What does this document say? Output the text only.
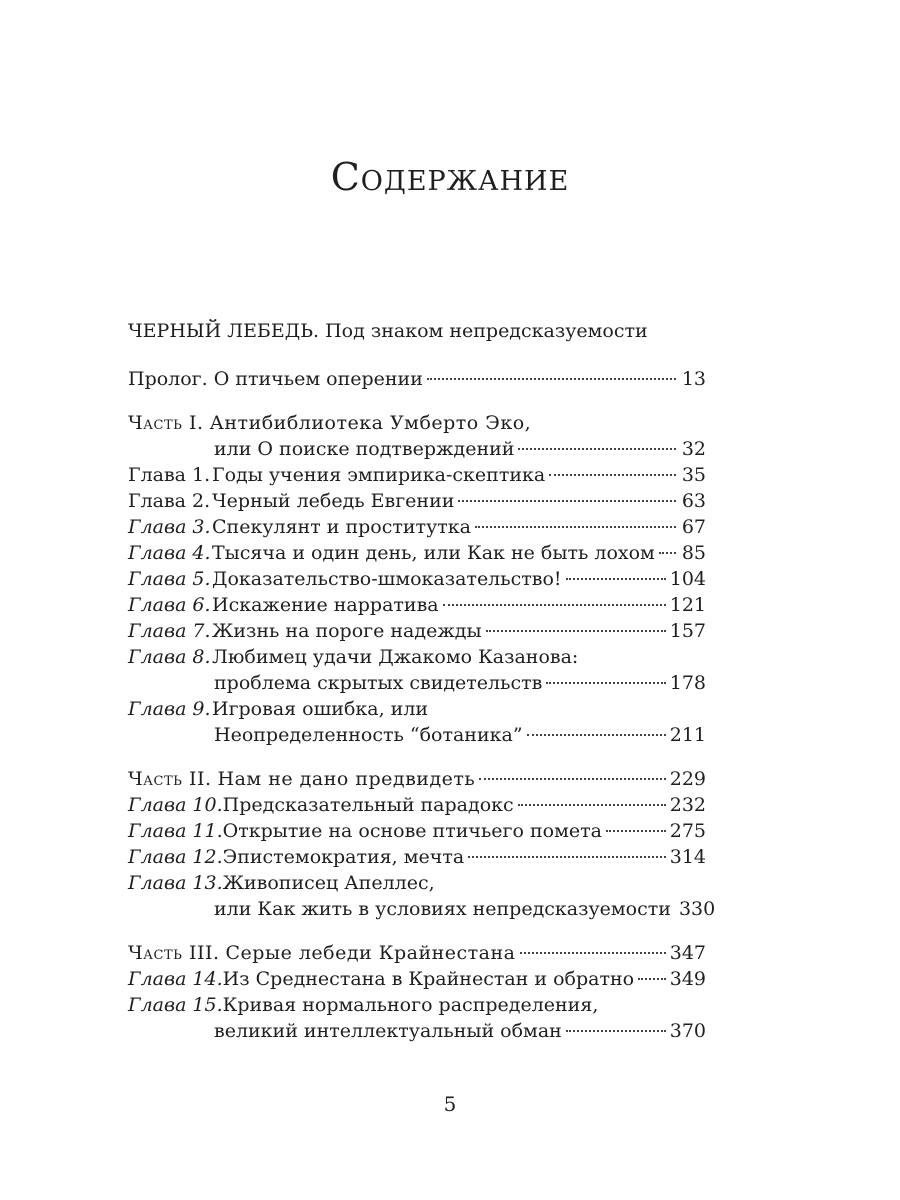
Содержание
ЧЕРНЫЙ ЛЕБЕДЬ. Под знаком непредсказуемости
Пролог. О птичьем оперении	13
Часть I. Антибиблиотека Умберто Эко,
или О поиске подтверждений	32
Глава 1. Годы учения эмпирика-скептика	35
Глава 2. Черный лебедь Евгении	63
Глава 3. Спекулянт и проститутка	67
Глава 4. Тысяча и один день, или Как не быть лохом 85
Глава 5. Доказательство-шмоказательство!	104
Глава 6. Искажение нарратива	121
Глава 7. Жизнь на пороге надежды	157
Глава 8. Любимец удачи Джакомо Казанова:
проблема скрытых свидетельств	178
Глава 9. Игровая ошибка, или
Неопределенность “ботаника”	211
Часть II. Нам не дано предвидеть	229
Глава 10. Предсказательный парадокс	232
Глава 11. Открытие на основе птичьего помета	275
Глава 12. Эпистемократия, мечта	314
Глава 13. Живописец Апеллес,
или Как жить в условиях непредсказуемости 330
Часть III. Серые лебеди Крайнестана	347
Глава 14. Из Среднестана в Крайнестан и обратно 349
Глава 15. Кривая нормального распределения,
великий интеллектуальный обман	370
5
